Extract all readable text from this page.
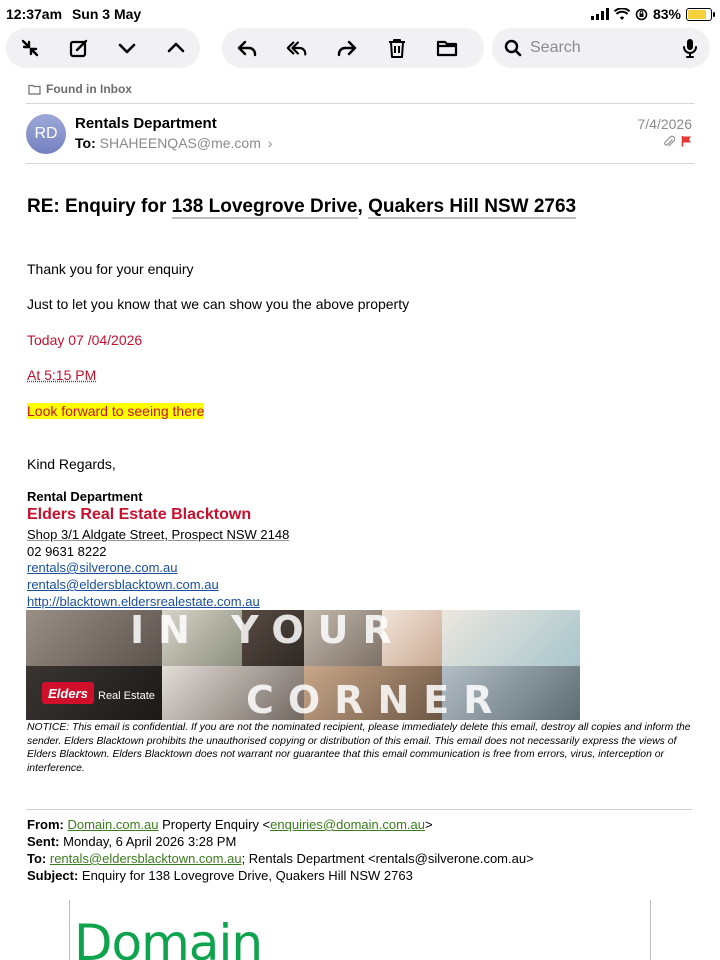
12:37am Sun 3 May	83%
Search
Found in Inbox
RD
Rentals Department
To: SHAHEENQAS@me.com ›
7/4/2026
RE: Enquiry for 138 Lovegrove Drive, Quakers Hill NSW 2763
Thank you for your enquiry
Just to let you know that we can show you the above property
Today 07 /04/2026
At 5:15 PM
Look forward to seeing there
Kind Regards,
Rental Department
Elders Real Estate Blacktown
Shop 3/1 Aldgate Street, Prospect NSW 2148
02 9631 8222
rentals@silverone.com.au
rentals@eldersblacktown.com.au
http://blacktown.eldersrealestate.com.au
IN YOUR
CORNER
Elders Real Estate
NOTICE: This email is confidential. If you are not the nominated recipient, please immediately delete this email, destroy all copies and inform the sender. Elders Blacktown prohibits the unauthorised copying or distribution of this email. This email does not necessarily express the views of Elders Blacktown. Elders Blacktown does not warrant nor guarantee that this email communication is free from errors, virus, interception or interference.
From: Domain.com.au Property Enquiry <enquiries@domain.com.au>
Sent: Monday, 6 April 2026 3:28 PM
To: rentals@eldersblacktown.com.au; Rentals Department <rentals@silverone.com.au>
Subject: Enquiry for 138 Lovegrove Drive, Quakers Hill NSW 2763
Domain
